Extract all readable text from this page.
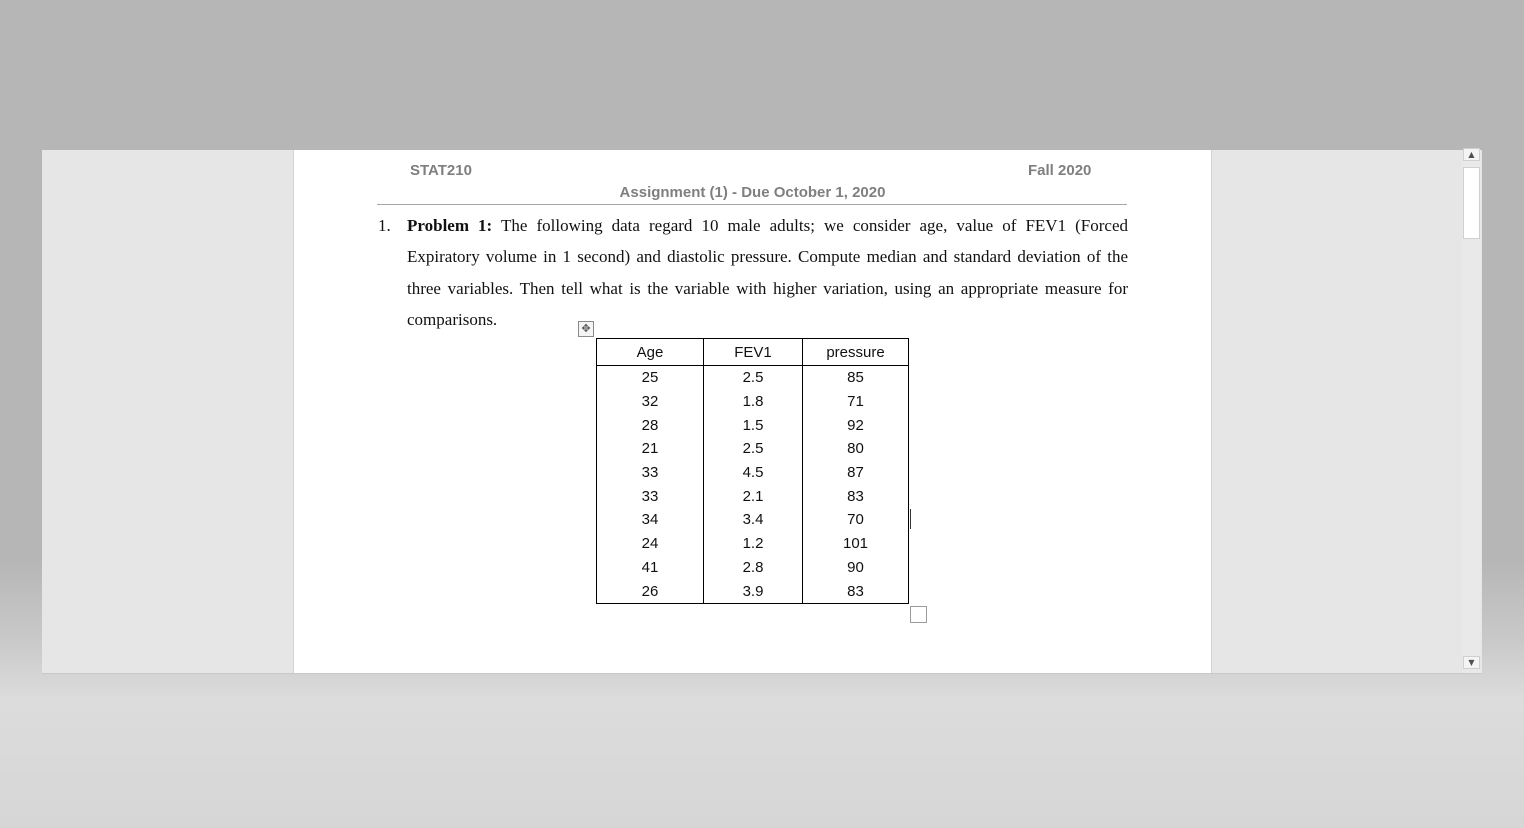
STAT210	Fall 2020
Assignment (1) - Due October 1, 2020
1. Problem 1: The following data regard 10 male adults; we consider age, value of FEV1 (Forced Expiratory volume in 1 second) and diastolic pressure. Compute median and standard deviation of the three variables. Then tell what is the variable with higher variation, using an appropriate measure for comparisons.	✥
Age	FEV1	pressure
25	2.5	85
32	1.8	71
28	1.5	92
21	2.5	80
33	4.5	87
33	2.1	83
34	3.4	70
24	1.2	101
41	2.8	90
26	3.9	83
▲
▼
